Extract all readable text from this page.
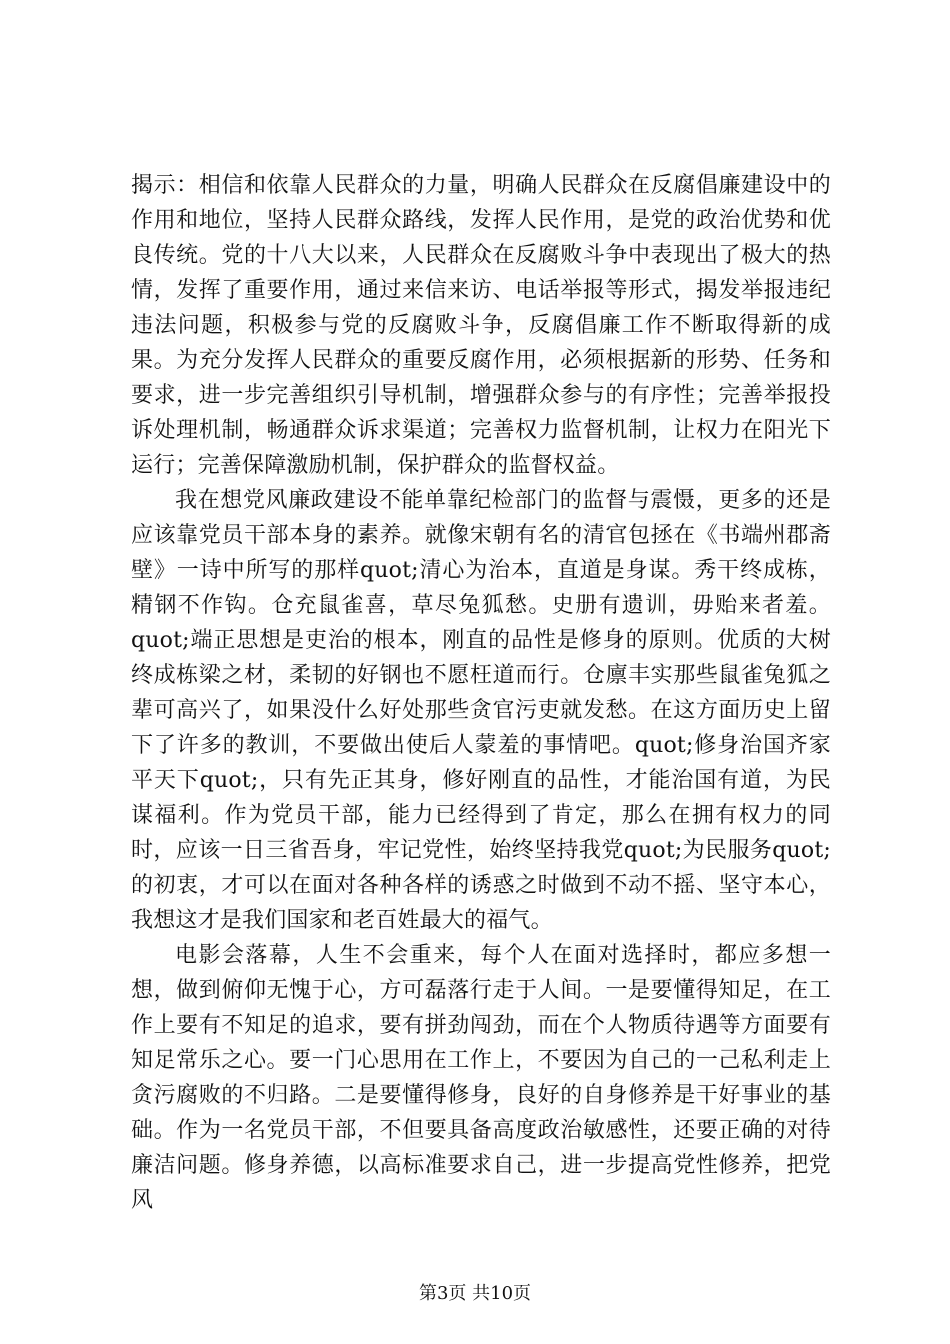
揭示：相信和依靠人民群众的力量，明确人民群众在反腐倡廉建设中的作用和地位，坚持人民群众路线，发挥人民作用，是党的政治优势和优良传统。党的十八大以来，人民群众在反腐败斗争中表现出了极大的热情，发挥了重要作用，通过来信来访、电话举报等形式，揭发举报违纪违法问题，积极参与党的反腐败斗争，反腐倡廉工作不断取得新的成果。为充分发挥人民群众的重要反腐作用，必须根据新的形势、任务和要求，进一步完善组织引导机制，增强群众参与的有序性；完善举报投诉处理机制，畅通群众诉求渠道；完善权力监督机制，让权力在阳光下运行；完善保障激励机制，保护群众的监督权益。

我在想党风廉政建设不能单靠纪检部门的监督与震慑，更多的还是应该靠党员干部本身的素养。就像宋朝有名的清官包拯在《书端州郡斋壁》一诗中所写的那样quot;清心为治本，直道是身谋。秀干终成栋，精钢不作钩。仓充鼠雀喜，草尽兔狐愁。史册有遗训，毋贻来者羞。quot;端正思想是吏治的根本，刚直的品性是修身的原则。优质的大树终成栋梁之材，柔韧的好钢也不愿枉道而行。仓廪丰实那些鼠雀兔狐之辈可高兴了，如果没什么好处那些贪官污吏就发愁。在这方面历史上留下了许多的教训，不要做出使后人蒙羞的事情吧。quot;修身治国齐家平天下quot;，只有先正其身，修好刚直的品性，才能治国有道，为民谋福利。作为党员干部，能力已经得到了肯定，那么在拥有权力的同时，应该一日三省吾身，牢记党性，始终坚持我党quot;为民服务quot;的初衷，才可以在面对各种各样的诱惑之时做到不动不摇、坚守本心，我想这才是我们国家和老百姓最大的福气。

电影会落幕，人生不会重来，每个人在面对选择时，都应多想一想，做到俯仰无愧于心，方可磊落行走于人间。一是要懂得知足，在工作上要有不知足的追求，要有拼劲闯劲，而在个人物质待遇等方面要有知足常乐之心。要一门心思用在工作上，不要因为自己的一己私利走上贪污腐败的不归路。二是要懂得修身，良好的自身修养是干好事业的基础。作为一名党员干部，不但要具备高度政治敏感性，还要正确的对待廉洁问题。修身养德，以高标准要求自己，进一步提高党性修养，把党风

第3页 共10页
